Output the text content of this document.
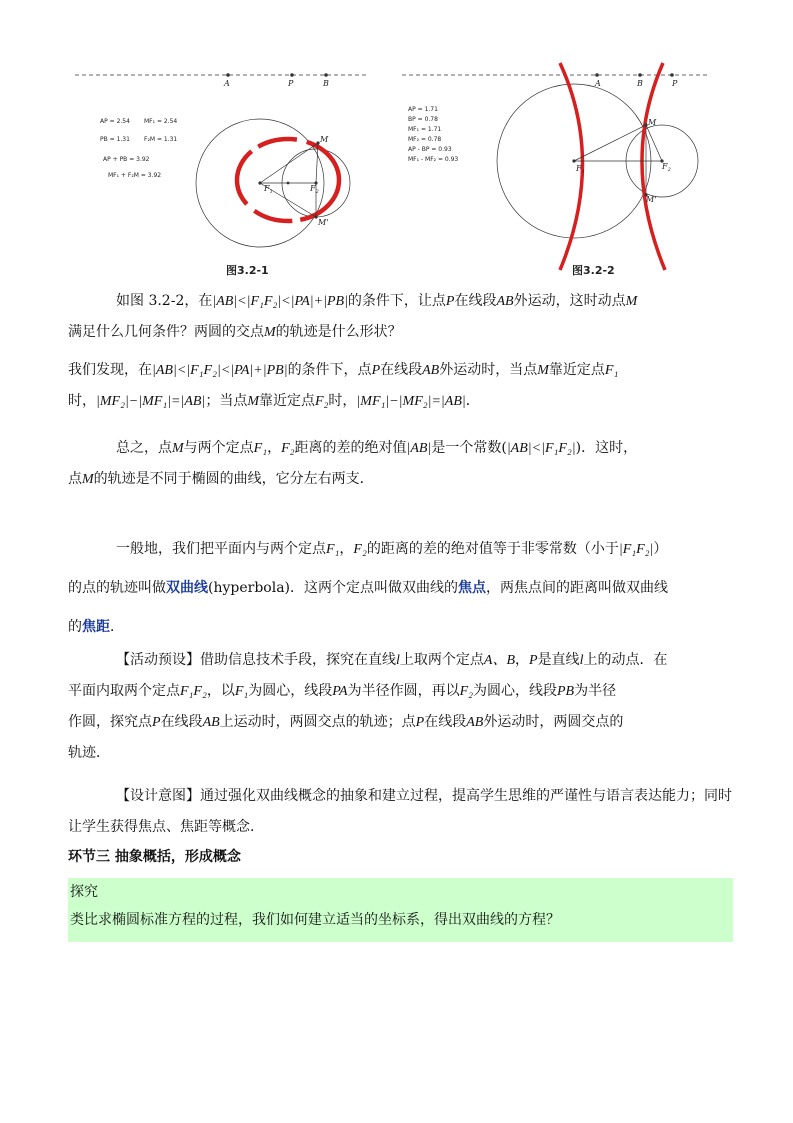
A	P	B
AP = 2.54 MF₁ = 2.54
PB = 1.31 F₂M = 1.31
AP + PB = 3.92
MF₁ + F₂M = 3.92
M
M'
$F_1$	$F_2$
A	B	P
AP = 1.71
BP = 0.78
MF₁ = 1.71
MF₂ = 0.78
AP - BP = 0.93
MF₁ - MF₂ = 0.93
M
M'
$F_1$
$F_2$
图3.2-1	图3.2-2

如图 3.2-2，在|AB|<|F₁F₂|<|PA|+|PB|的条件下，让点P在线段AB外运动，这时动点M
满足什么几何条件？两圆的交点M的轨迹是什么形状？

我们发现，在|AB|<|F₁F₂|<|PA|+|PB|的条件下，点P在线段AB外运动时，当点M靠近定点F₁
时，|MF₂|−|MF₁|=|AB|；当点M靠近定点F₂时，|MF₁|−|MF₂|=|AB|．

总之，点M与两个定点F₁，F₂距离的差的绝对值|AB|是一个常数(|AB|<|F₁F₂|)．这时，
点M的轨迹是不同于椭圆的曲线，它分左右两支．

一般地，我们把平面内与两个定点F₁，F₂的距离的差的绝对值等于非零常数（小于|F₁F₂|）
的点的轨迹叫做双曲线(hyperbola)．这两个定点叫做双曲线的焦点，两焦点间的距离叫做双曲线
的焦距．

【活动预设】借助信息技术手段，探究在直线l上取两个定点A、B，P是直线l上的动点．在
平面内取两个定点F₁F₂，以F₁为圆心，线段PA为半径作圆，再以F₂为圆心，线段PB为半径
作圆，探究点P在线段AB上运动时，两圆交点的轨迹；点P在线段AB外运动时，两圆交点的
轨迹．

【设计意图】通过强化双曲线概念的抽象和建立过程，提高学生思维的严谨性与语言表达能力；同时让学生获得焦点、焦距等概念．

环节三 抽象概括，形成概念

探究

类比求椭圆标准方程的过程，我们如何建立适当的坐标系，得出双曲线的方程？
